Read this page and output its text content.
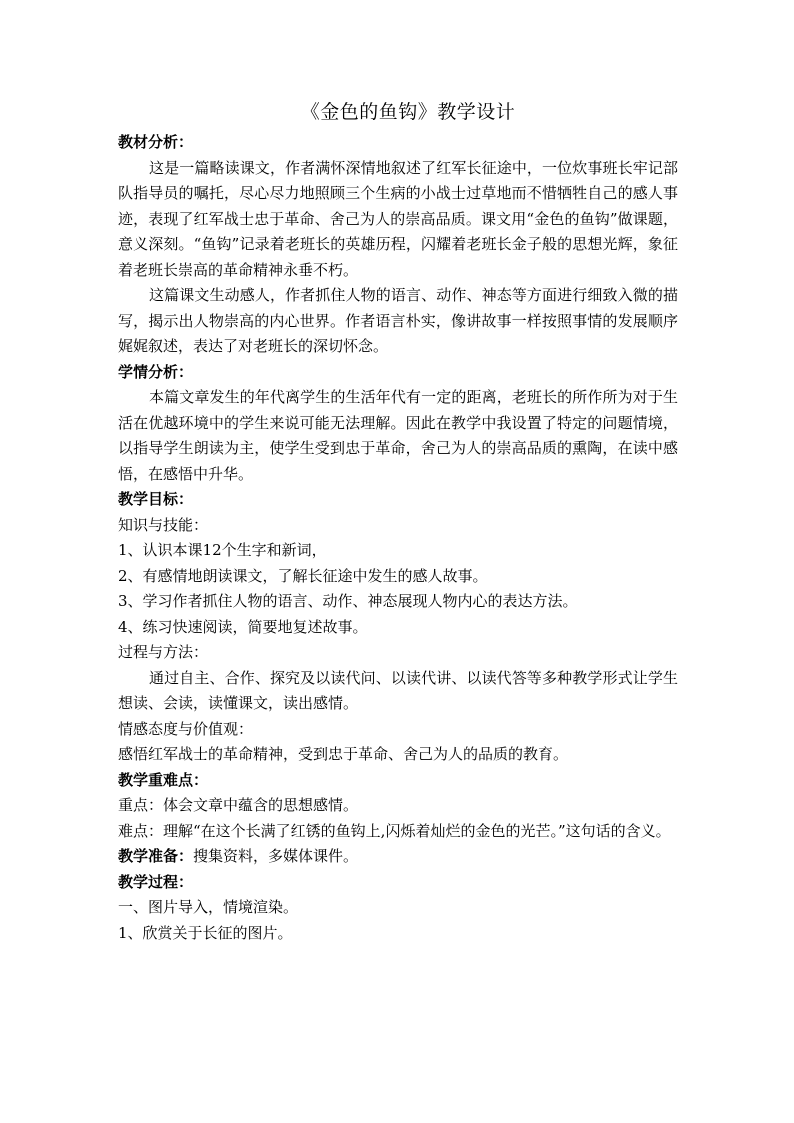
《金色的鱼钩》教学设计
教材分析：

这是一篇略读课文，作者满怀深情地叙述了红军长征途中，一位炊事班长牢记部队指导员的嘱托，尽心尽力地照顾三个生病的小战士过草地而不惜牺牲自己的感人事迹，表现了红军战士忠于革命、舍己为人的崇高品质。课文用“金色的鱼钩”做课题，意义深刻。“鱼钩”记录着老班长的英雄历程，闪耀着老班长金子般的思想光辉，象征着老班长崇高的革命精神永垂不朽。

这篇课文生动感人，作者抓住人物的语言、动作、神态等方面进行细致入微的描写，揭示出人物崇高的内心世界。作者语言朴实，像讲故事一样按照事情的发展顺序娓娓叙述，表达了对老班长的深切怀念。

学情分析：

本篇文章发生的年代离学生的生活年代有一定的距离，老班长的所作所为对于生活在优越环境中的学生来说可能无法理解。因此在教学中我设置了特定的问题情境，以指导学生朗读为主，使学生受到忠于革命，舍己为人的崇高品质的熏陶，在读中感悟，在感悟中升华。

教学目标：
知识与技能：
1、认识本课12个生字和新词，
2、有感情地朗读课文，了解长征途中发生的感人故事。
3、学习作者抓住人物的语言、动作、神态展现人物内心的表达方法。
4、练习快速阅读，简要地复述故事。
过程与方法：

通过自主、合作、探究及以读代问、以读代讲、以读代答等多种教学形式让学生想读、会读，读懂课文，读出感情。

情感态度与价值观：

感悟红军战士的革命精神，受到忠于革命、舍己为人的品质的教育。

教学重难点：
重点：体会文章中蕴含的思想感情。

难点：理解“在这个长满了红锈的鱼钩上,闪烁着灿烂的金色的光芒。”这句话的含义。

教学准备：搜集资料，多媒体课件。
教学过程：
一、图片导入，情境渲染。
1、欣赏关于长征的图片。
